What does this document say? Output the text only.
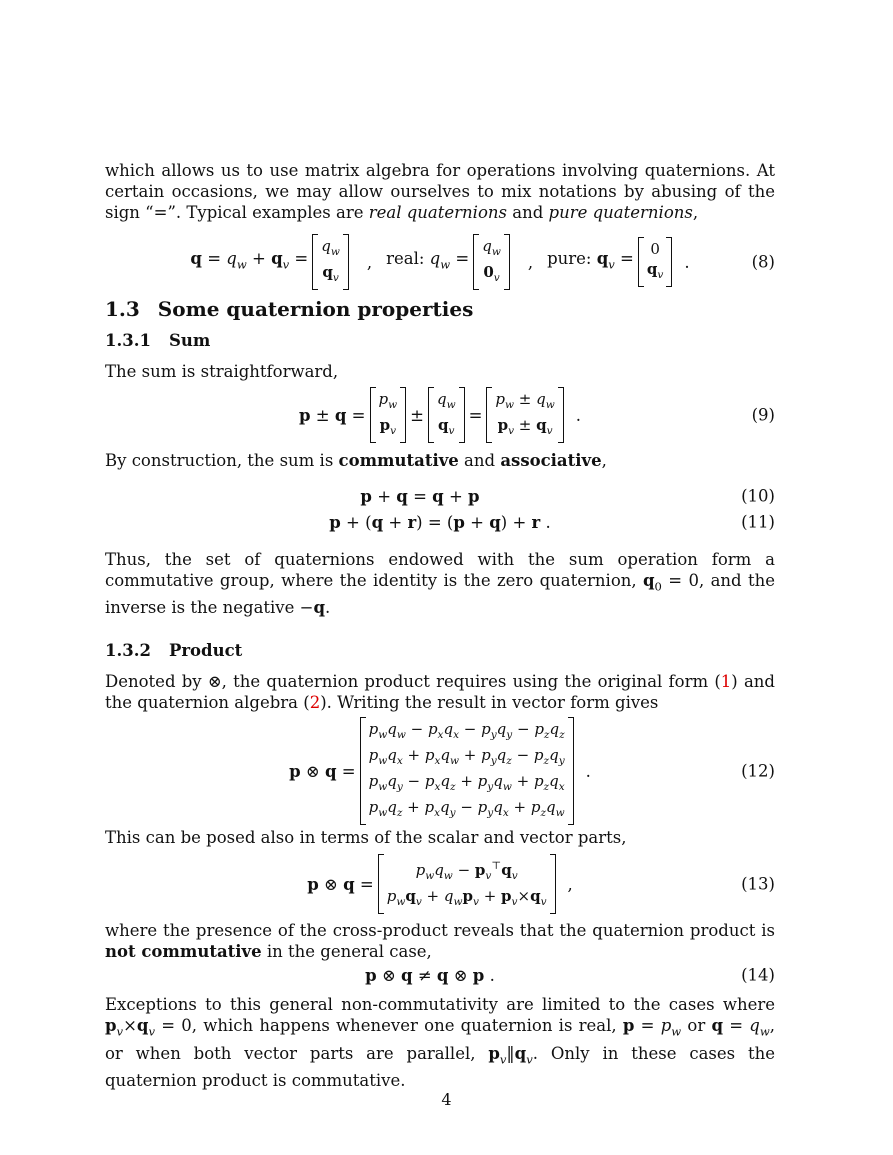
which allows us to use matrix algebra for operations involving quaternions. At certain occasions, we may allow ourselves to mix notations by abusing of the sign “=”. Typical examples are real quaternions and pure quaternions,

$q = q_w + q_v$ =
$q_w$
$q_v$
, real: $q_w$ =
$q_w$
$0_v$
, pure: $q_v$ =
0
$q_v$
.	(8)
1.3 Some quaternion properties
1.3.1 Sum

The sum is straightforward,

p ± q =
$p_w$
$p_v$
±
$q_w$
$q_v$
=
$p_w \pm q_w$
$p_v \pm q_v$
.	(9)

By construction, the sum is commutative and associative,

p + q = q + p	(10)
p + (q + r) = (p + q) + r .	(11)

Thus, the set of quaternions endowed with the sum operation form a commutative group, where the identity is the zero quaternion, $q_0 = 0$, and the inverse is the negative −q.

1.3.2 Product

Denoted by ⊗, the quaternion product requires using the original form (1) and the quaternion algebra (2). Writing the result in vector form gives

p ⊗ q =
$p_wq_w - p_xq_x - p_yq_y - p_zq_z$
$p_wq_x + p_xq_w + p_yq_z - p_zq_y$
$p_wq_y - p_xq_z + p_yq_w + p_zq_x$
$p_wq_z + p_xq_y - p_yq_x + p_zq_w$
.	(12)

This can be posed also in terms of the scalar and vector parts,

p ⊗ q =
$p_wq_w - p_v^⊤q_v$
$p_wq_v + q_wp_v + p_v\times q_v$
,	(13)

where the presence of the cross-product reveals that the quaternion product is not commutative in the general case,

p ⊗ q ≠ q ⊗ p .	(14)

Exceptions to this general non-commutativity are limited to the cases where $p_v\times q_v = 0$, which happens whenever one quaternion is real, $p = p_w$ or $q = q_w$, or when both vector parts are parallel, $p_v‖q_v$. Only in these cases the quaternion product is commutative.

4
